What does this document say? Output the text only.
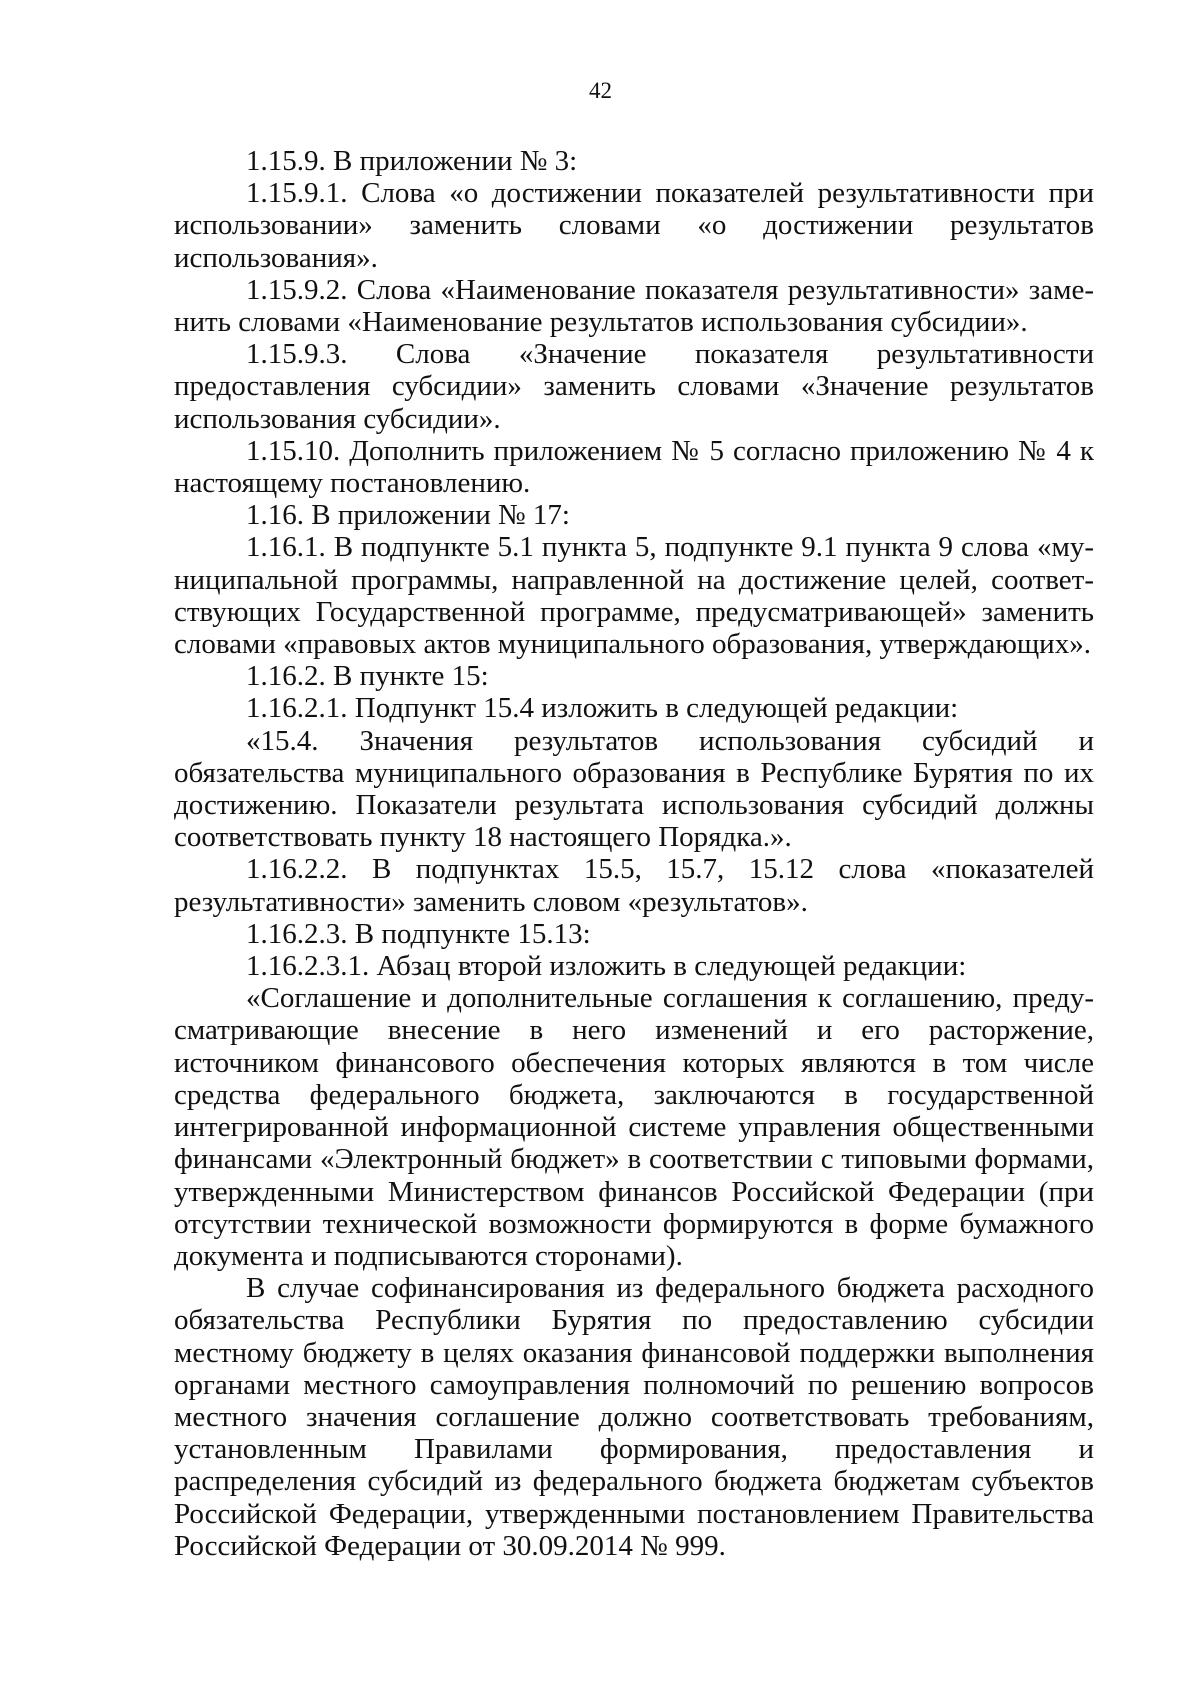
42

1.15.9. В приложении № 3:

1.15.9.1. Слова «о достижении показателей результативности при использовании» заменить словами «о достижении результатов использования».

1.15.9.2. Слова «Наименование показателя результативности» заменить словами «Наименование результатов использования субсидии».

1.15.9.3. Слова «Значение показателя результативности предоставления субсидии» заменить словами «Значение результатов использования субсидии».

1.15.10. Дополнить приложением № 5 согласно приложению № 4 к настоящему постановлению.

1.16. В приложении № 17:

1.16.1. В подпункте 5.1 пункта 5, подпункте 9.1 пункта 9 слова «муниципальной программы, направленной на достижение целей, соответствующих Государственной программе, предусматривающей» заменить словами «правовых актов муниципального образования, утверждающих».

1.16.2. В пункте 15:

1.16.2.1. Подпункт 15.4 изложить в следующей редакции:

«15.4. Значения результатов использования субсидий и обязательства муниципального образования в Республике Бурятия по их достижению. Показатели результата использования субсидий должны соответствовать пункту 18 настоящего Порядка.».

1.16.2.2. В подпунктах 15.5, 15.7, 15.12 слова «показателей результативности» заменить словом «результатов».

1.16.2.3. В подпункте 15.13:

1.16.2.3.1. Абзац второй изложить в следующей редакции:

«Соглашение и дополнительные соглашения к соглашению, предусматривающие внесение в него изменений и его расторжение, источником финансового обеспечения которых являются в том числе средства федерального бюджета, заключаются в государственной интегрированной информационной системе управления общественными финансами «Электронный бюджет» в соответствии с типовыми формами, утвержденными Министерством финансов Российской Федерации (при отсутствии технической возможности формируются в форме бумажного документа и подписываются сторонами).

В случае софинансирования из федерального бюджета расходного обязательства Республики Бурятия по предоставлению субсидии местному бюджету в целях оказания финансовой поддержки выполнения органами местного самоуправления полномочий по решению вопросов местного значения соглашение должно соответствовать требованиям, установленным Правилами формирования, предоставления и распределения субсидий из федерального бюджета бюджетам субъектов Российской Федерации, утвержденными постановлением Правительства Российской Федерации от 30.09.2014 № 999.
